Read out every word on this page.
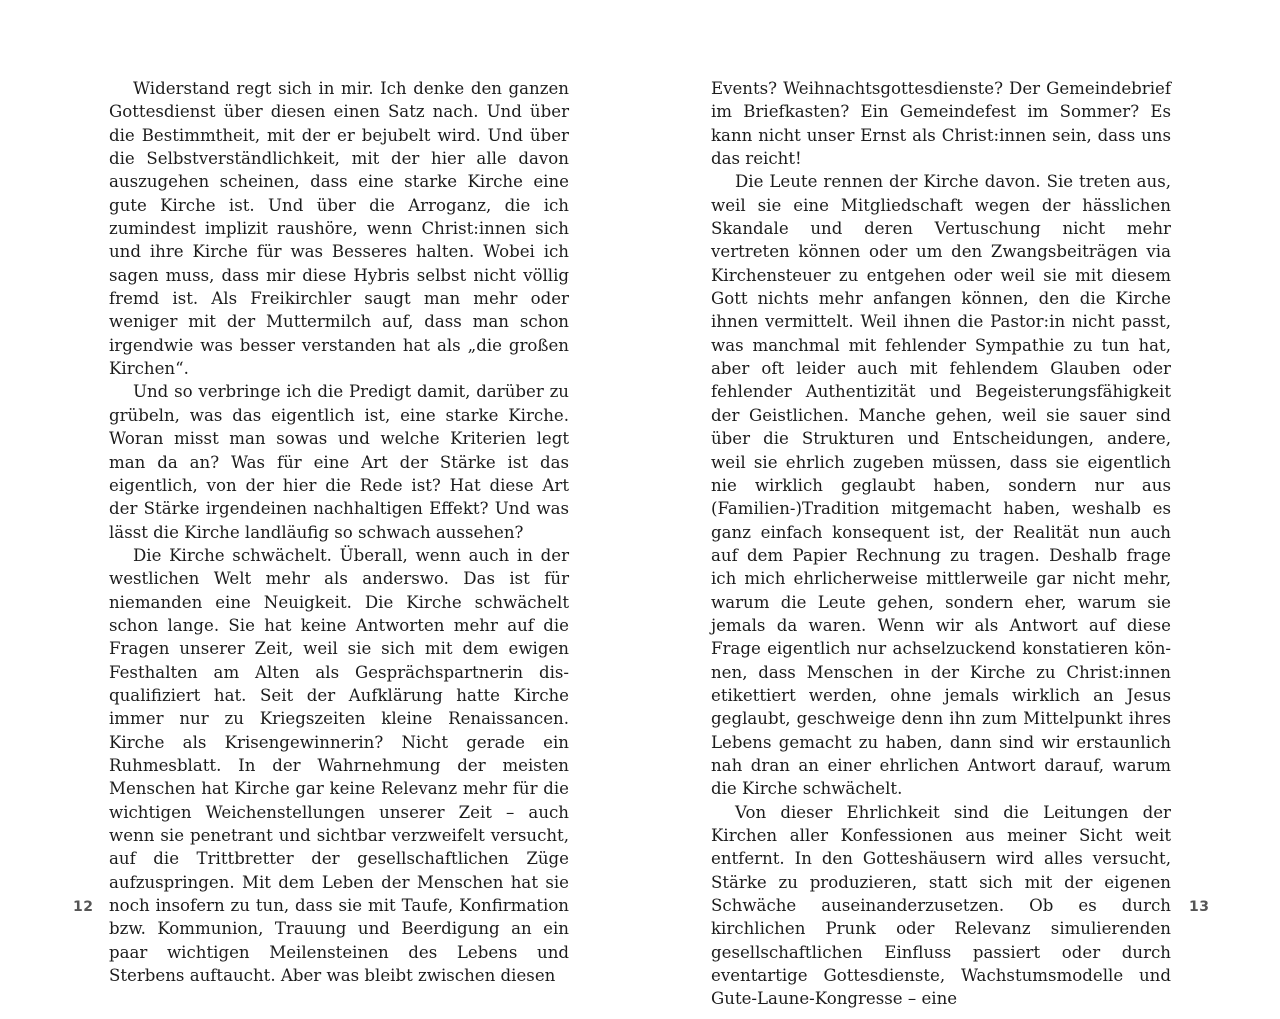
Widerstand regt sich in mir. Ich denke den ganzen Gottesdienst über diesen einen Satz nach. Und über die Bestimmtheit, mit der er bejubelt wird. Und über die Selbstverständlichkeit, mit der hier alle davon auszugehen scheinen, dass eine starke Kirche eine gute Kirche ist. Und über die Arroganz, die ich zumindest implizit raushöre, wenn Christ:innen sich und ihre Kirche für was Besseres halten. Wobei ich sagen muss, dass mir diese Hybris selbst nicht völlig fremd ist. Als Freikirchler saugt man mehr oder weniger mit der Muttermilch auf, dass man schon irgendwie was besser verstanden hat als „die großen Kirchen“.

Und so verbringe ich die Predigt damit, darüber zu grübeln, was das eigentlich ist, eine starke Kirche. Woran misst man sowas und welche Kriterien legt man da an? Was für eine Art der Stärke ist das eigentlich, von der hier die Rede ist? Hat diese Art der Stärke irgendeinen nachhaltigen Effekt? Und was lässt die Kirche landläufig so schwach aussehen?

Die Kirche schwächelt. Überall, wenn auch in der westlichen Welt mehr als anderswo. Das ist für niemanden eine Neuigkeit. Die Kirche schwächelt schon lange. Sie hat keine Antworten mehr auf die Fragen unserer Zeit, weil sie sich mit dem ewigen Festhalten am Alten als Gesprächspartnerin disqualifiziert hat. Seit der Aufklärung hatte Kirche immer nur zu Kriegszeiten kleine Renaissancen. Kirche als Krisengewinnerin? Nicht gerade ein Ruhmesblatt. In der Wahrnehmung der meisten Menschen hat Kirche gar keine Relevanz mehr für die wichtigen Weichenstellungen unserer Zeit – auch wenn sie penetrant und sichtbar verzweifelt versucht, auf die Trittbretter der gesellschaftlichen Züge aufzuspringen. Mit dem Leben der Menschen hat sie noch insofern zu tun, dass sie mit Taufe, Konfirmation bzw. Kommunion, Trauung und Beerdigung an ein paar wichtigen Meilensteinen des Lebens und Sterbens auftaucht. Aber was bleibt zwischen diesen

12

Events? Weihnachtsgottesdienste? Der Gemeindebrief im Briefkasten? Ein Gemeindefest im Sommer? Es kann nicht unser Ernst als Christ:innen sein, dass uns das reicht!

Die Leute rennen der Kirche davon. Sie treten aus, weil sie eine Mitgliedschaft wegen der hässlichen Skandale und deren Vertuschung nicht mehr vertreten können oder um den Zwangsbeiträgen via Kirchensteuer zu entgehen oder weil sie mit diesem Gott nichts mehr anfangen können, den die Kirche ihnen vermittelt. Weil ihnen die Pastor:in nicht passt, was manchmal mit fehlender Sympathie zu tun hat, aber oft leider auch mit fehlendem Glauben oder fehlender Authentizität und Begeisterungsfähigkeit der Geistlichen. Manche gehen, weil sie sauer sind über die Strukturen und Entscheidungen, andere, weil sie ehrlich zugeben müssen, dass sie eigentlich nie wirklich geglaubt haben, sondern nur aus (Familien-)Tradition mitgemacht haben, weshalb es ganz einfach konsequent ist, der Realität nun auch auf dem Papier Rechnung zu tragen. Deshalb frage ich mich ehrlicherweise mittlerweile gar nicht mehr, warum die Leute gehen, sondern eher, warum sie jemals da waren. Wenn wir als Antwort auf diese Frage eigentlich nur achselzuckend konstatieren können, dass Menschen in der Kirche zu Christ:innen etikettiert werden, ohne jemals wirklich an Jesus geglaubt, geschweige denn ihn zum Mittelpunkt ihres Lebens gemacht zu haben, dann sind wir erstaunlich nah dran an einer ehrlichen Antwort darauf, warum die Kirche schwächelt.

Von dieser Ehrlichkeit sind die Leitungen der Kirchen aller Konfessionen aus meiner Sicht weit entfernt. In den Gotteshäusern wird alles versucht, Stärke zu produzieren, statt sich mit der eigenen Schwäche auseinanderzusetzen. Ob es durch kirchlichen Prunk oder Relevanz simulierenden gesellschaftlichen Einfluss passiert oder durch eventartige Gottesdienste, Wachstumsmodelle und Gute-Laune-Kongresse – eine

13
